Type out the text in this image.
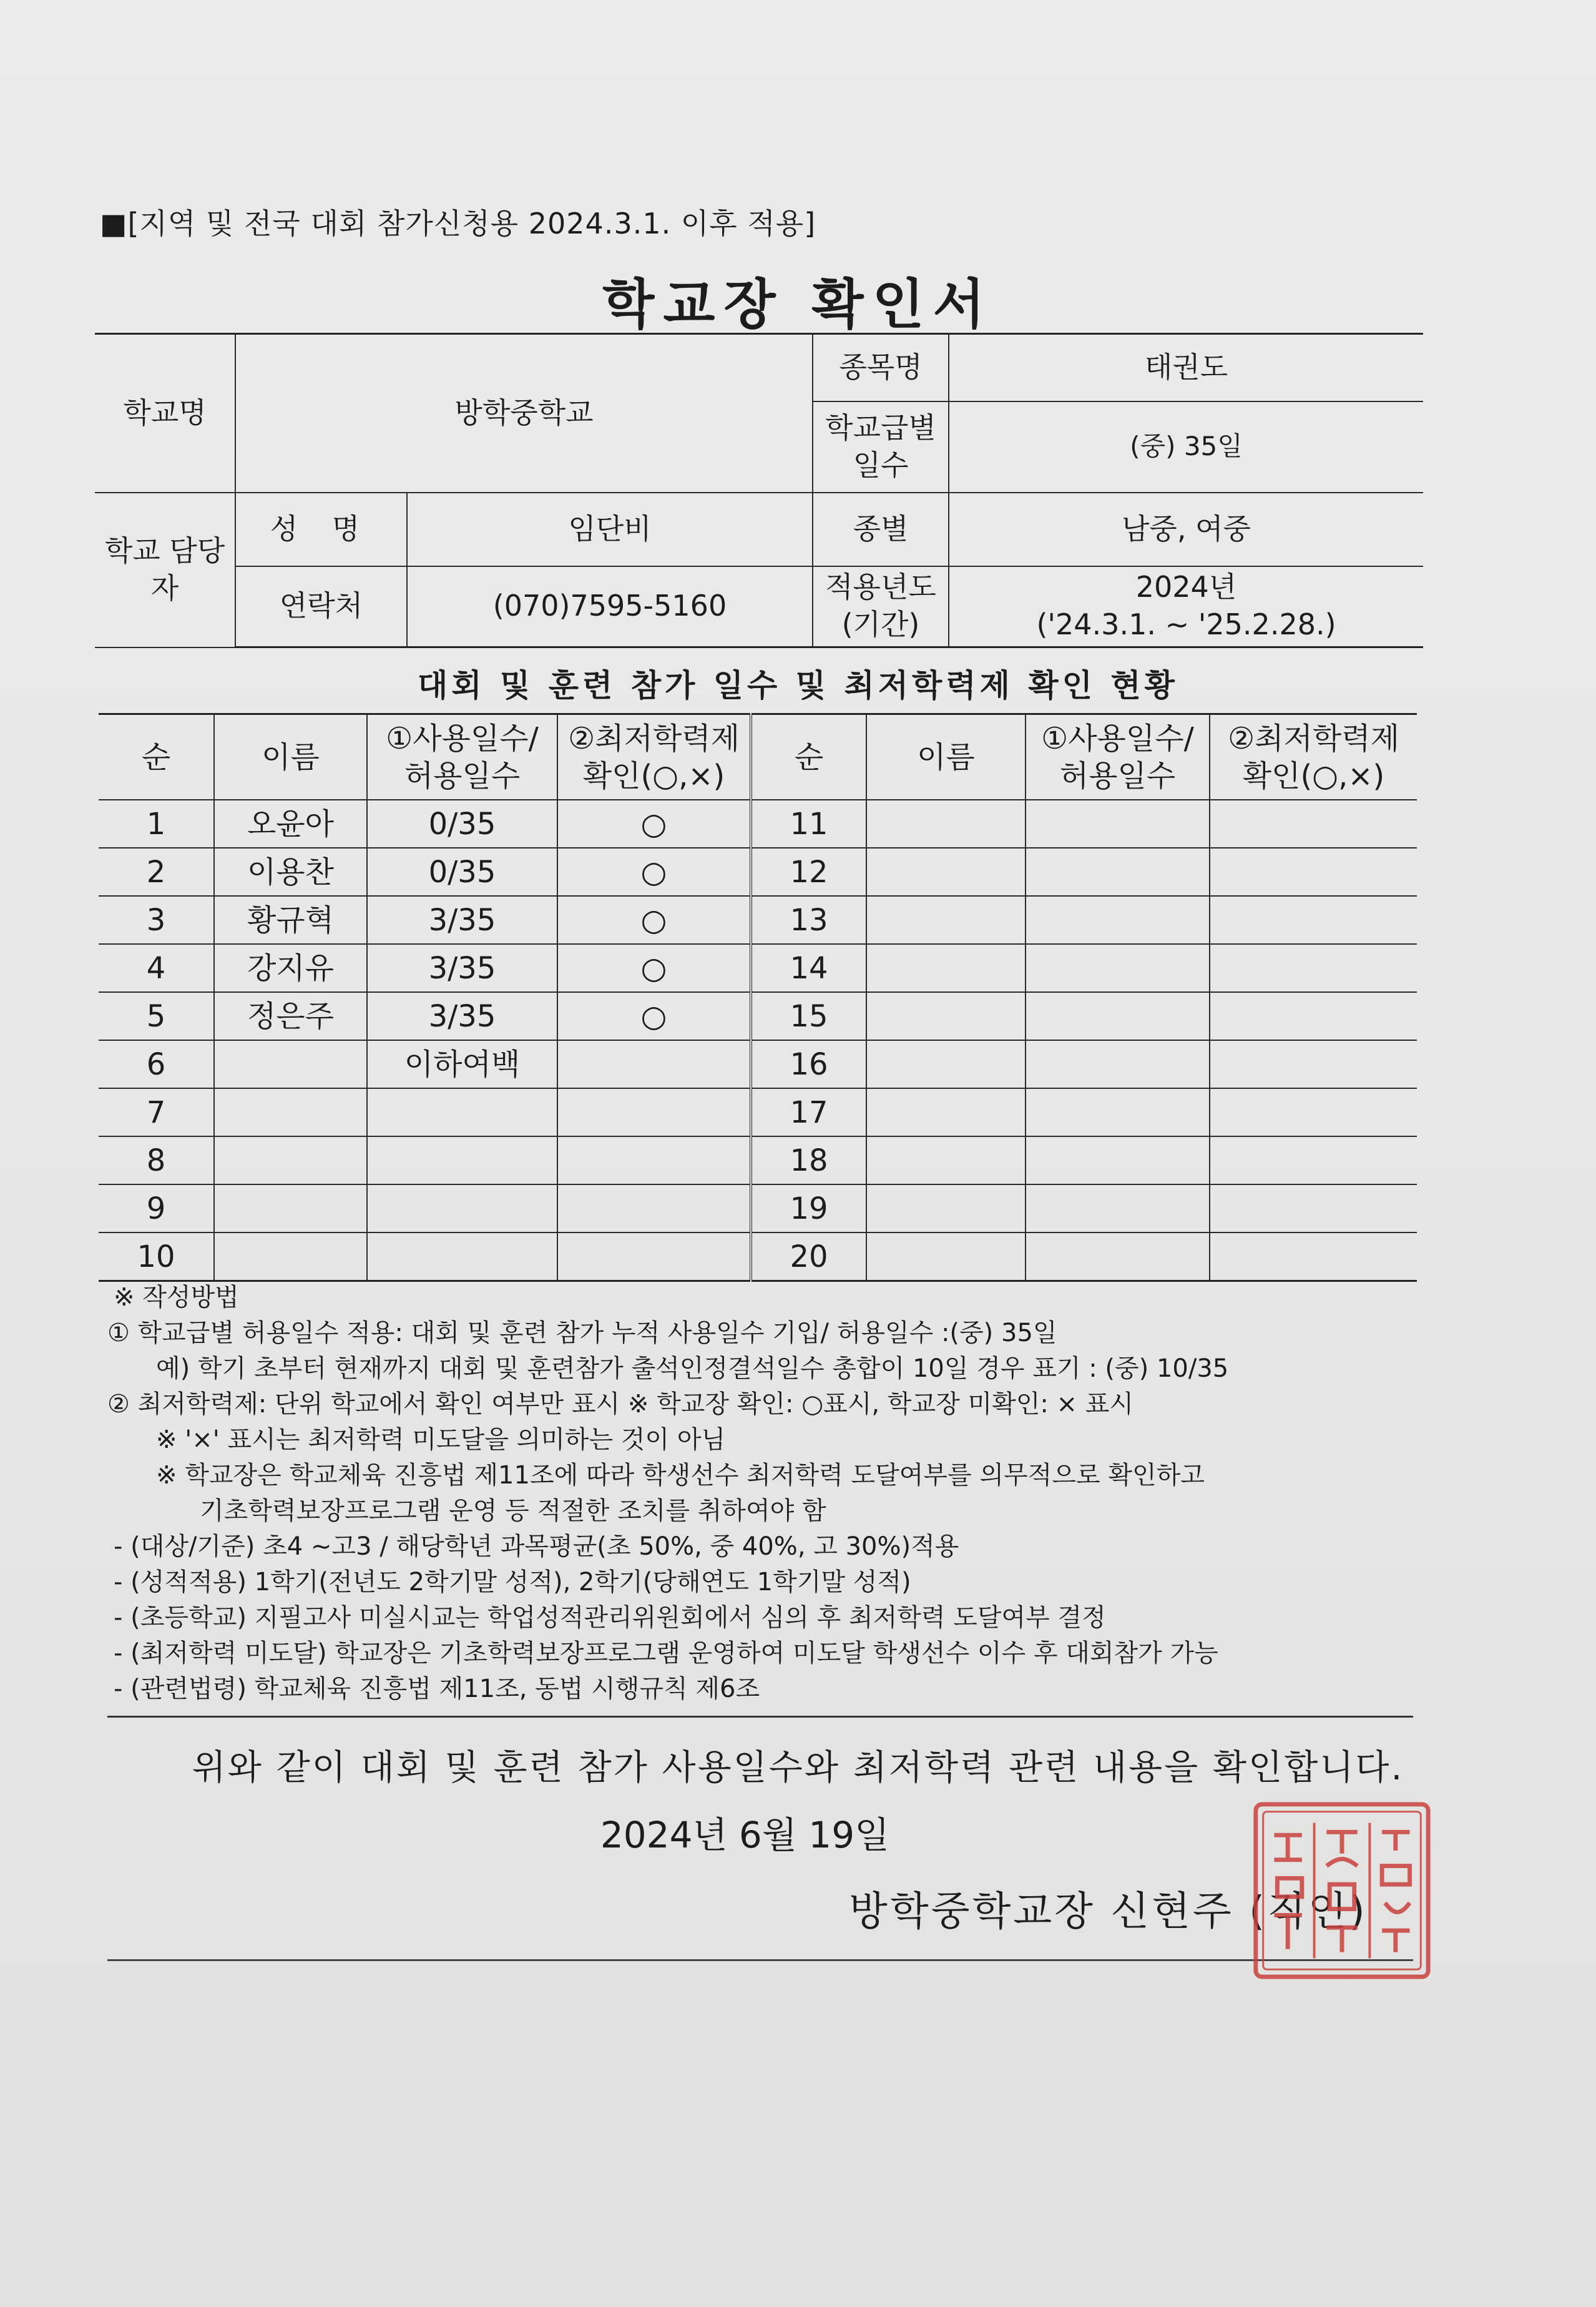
■[지역 및 전국 대회 참가신청용 2024.3.1. 이후 적용]
학교장 확인서
학교명	방학중학교		종목명	태권도
			학교급별 일수	(중) 35일
학교 담당자	성 명	임단비	종별	남중, 여중
	연락처	(070)7595-5160	적용년도 (기간)	2024년
('24.3.1. ~ '25.2.28.)
대회 및 훈련 참가 일수 및 최저학력제 확인 현황
순	이름	①사용일수/ 허용일수	②최저학력제 확인(○,×)	순	이름	①사용일수/ 허용일수	②최저학력제 확인(○,×)
1	오윤아	0/35	○	11			
2	이용찬	0/35	○	12			
3	황규혁	3/35	○	13			
4	강지유	3/35	○	14			
5	정은주	3/35	○	15			
6		이하여백		16			
7				17			
8				18			
9				19			
10				20			
※ 작성방법
① 학교급별 허용일수 적용: 대회 및 훈련 참가 누적 사용일수 기입/ 허용일수 :(중) 35일
예) 학기 초부터 현재까지 대회 및 훈련참가 출석인정결석일수 총합이 10일 경우 표기 : (중) 10/35
② 최저학력제: 단위 학교에서 확인 여부만 표시 ※ 학교장 확인: ○표시, 학교장 미확인: × 표시
※ '×' 표시는 최저학력 미도달을 의미하는 것이 아님
※ 학교장은 학교체육 진흥법 제11조에 따라 학생선수 최저학력 도달여부를 의무적으로 확인하고
기초학력보장프로그램 운영 등 적절한 조치를 취하여야 함
- (대상/기준) 초4 ~고3 / 해당학년 과목평균(초 50%, 중 40%, 고 30%)적용
- (성적적용) 1학기(전년도 2학기말 성적), 2학기(당해연도 1학기말 성적)
- (초등학교) 지필고사 미실시교는 학업성적관리위원회에서 심의 후 최저학력 도달여부 결정
- (최저학력 미도달) 학교장은 기초학력보장프로그램 운영하여 미도달 학생선수 이수 후 대회참가 가능
- (관련법령) 학교체육 진흥법 제11조, 동법 시행규칙 제6조
위와 같이 대회 및 훈련 참가 사용일수와 최저학력 관련 내용을 확인합니다.
2024년 6월 19일
방학중학교장 신현주 (직인)
